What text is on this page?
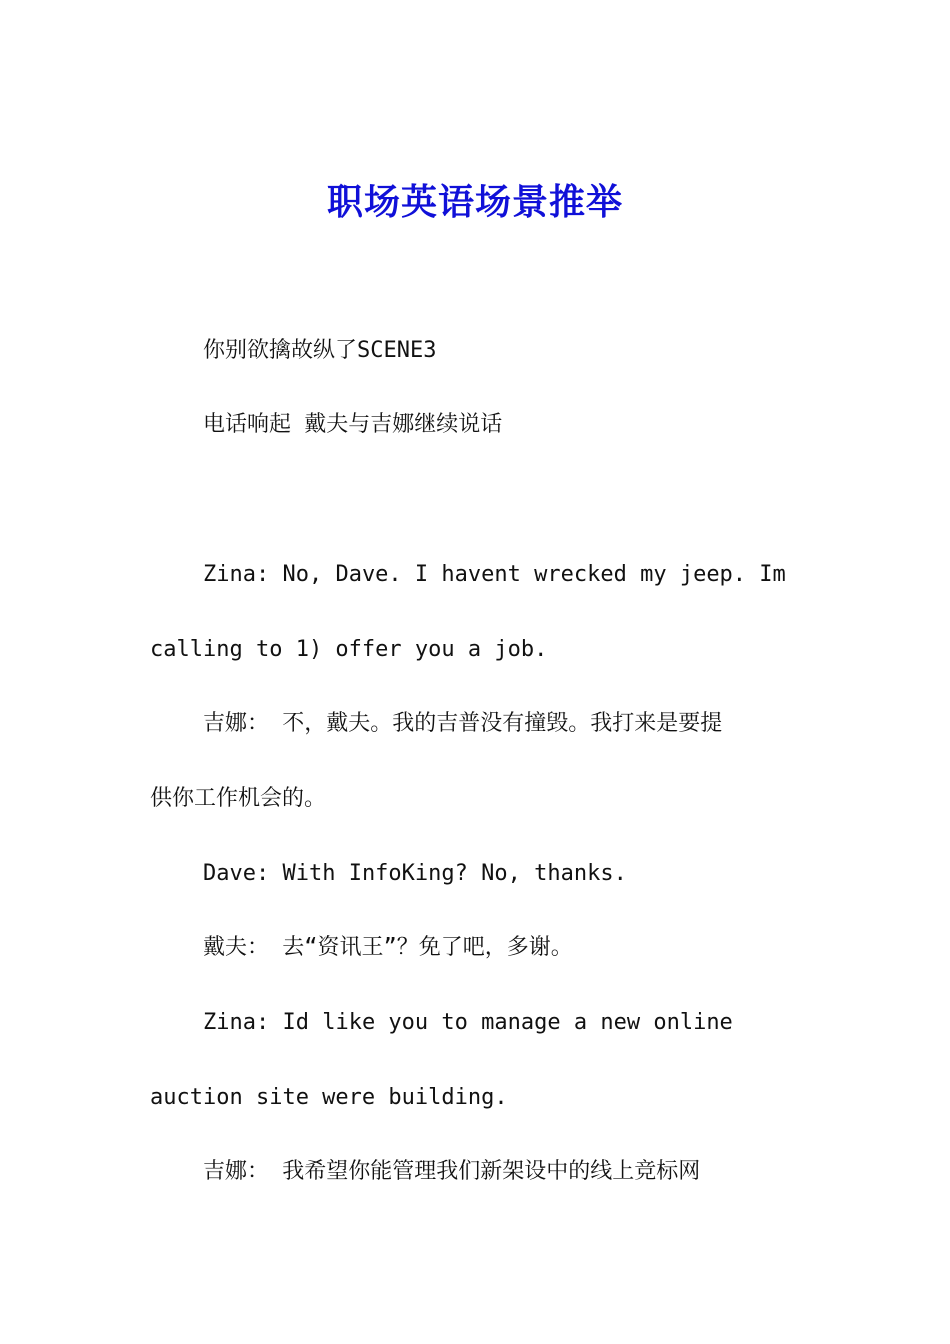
职场英语场景推举

你别欲擒故纵了SCENE3

电话响起 戴夫与吉娜继续说话

Zina: No, Dave. I havent wrecked my jeep. Im

calling to 1) offer you a job.

吉娜： 不，戴夫。我的吉普没有撞毁。我打来是要提

供你工作机会的。

Dave: With InfoKing? No, thanks.

戴夫： 去“资讯王”？免了吧，多谢。

Zina: Id like you to manage a new online

auction site were building.

吉娜： 我希望你能管理我们新架设中的线上竞标网
